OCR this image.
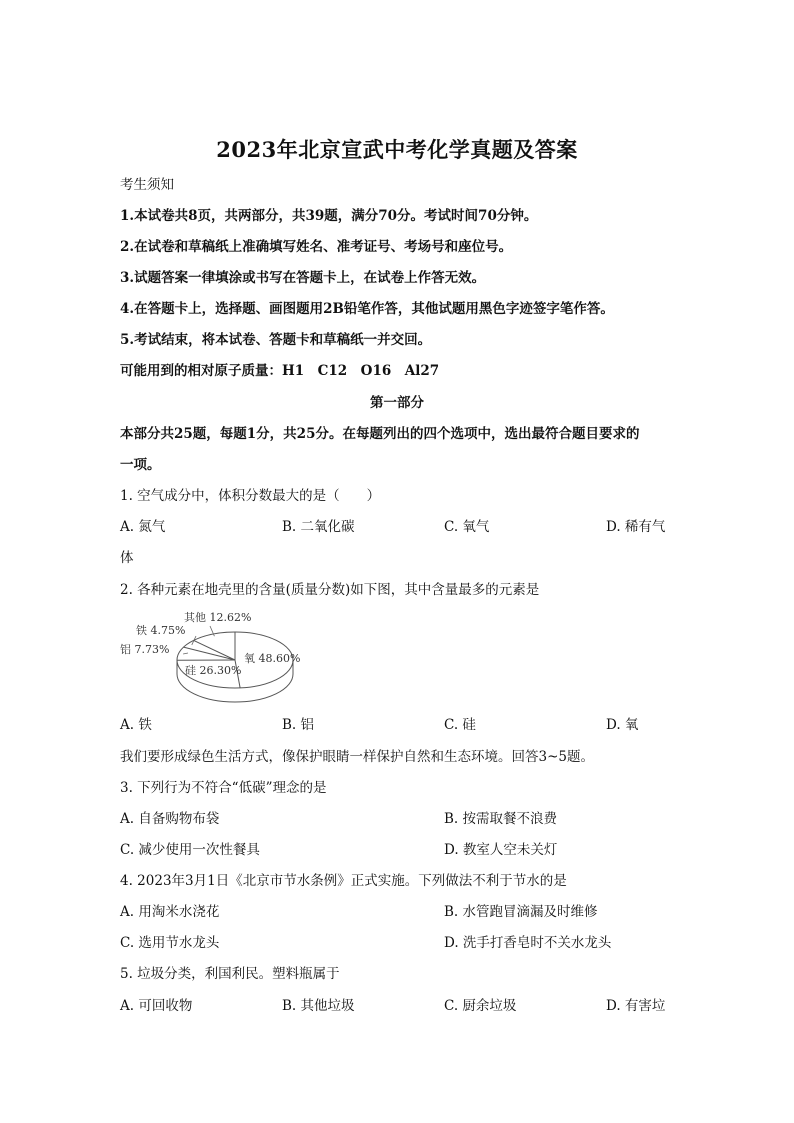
2023年北京宣武中考化学真题及答案
考生须知
1.本试卷共8页，共两部分，共39题，满分70分。考试时间70分钟。
2.在试卷和草稿纸上准确填写姓名、准考证号、考场号和座位号。
3.试题答案一律填涂或书写在答题卡上，在试卷上作答无效。
4.在答题卡上，选择题、画图题用2B铅笔作答，其他试题用黑色字迹签字笔作答。
5.考试结束，将本试卷、答题卡和草稿纸一并交回。
可能用到的相对原子质量：H1　C12　O16　Al27
第一部分
本部分共25题，每题1分，共25分。在每题列出的四个选项中，选出最符合题目要求的
一项。
1. 空气成分中，体积分数最大的是（　　）
A. 氮气	B. 二氧化碳	C. 氧气	D. 稀有气
体
2. 各种元素在地壳里的含量(质量分数)如下图，其中含量最多的元素是
氧 48.60%
硅 26.30%
铝 7.73%
铁 4.75%
其他 12.62%
A. 铁	B. 铝	C. 硅	D. 氧
我们要形成绿色生活方式，像保护眼睛一样保护自然和生态环境。回答3~5题。
3. 下列行为不符合“低碳”理念的是
A. 自备购物布袋	B. 按需取餐不浪费
C. 减少使用一次性餐具	D. 教室人空未关灯
4. 2023年3月1日《北京市节水条例》正式实施。下列做法不利于节水的是
A. 用淘米水浇花	B. 水管跑冒滴漏及时维修
C. 选用节水龙头	D. 洗手打香皂时不关水龙头
5. 垃圾分类，利国利民。塑料瓶属于
A. 可回收物	B. 其他垃圾	C. 厨余垃圾	D. 有害垃
